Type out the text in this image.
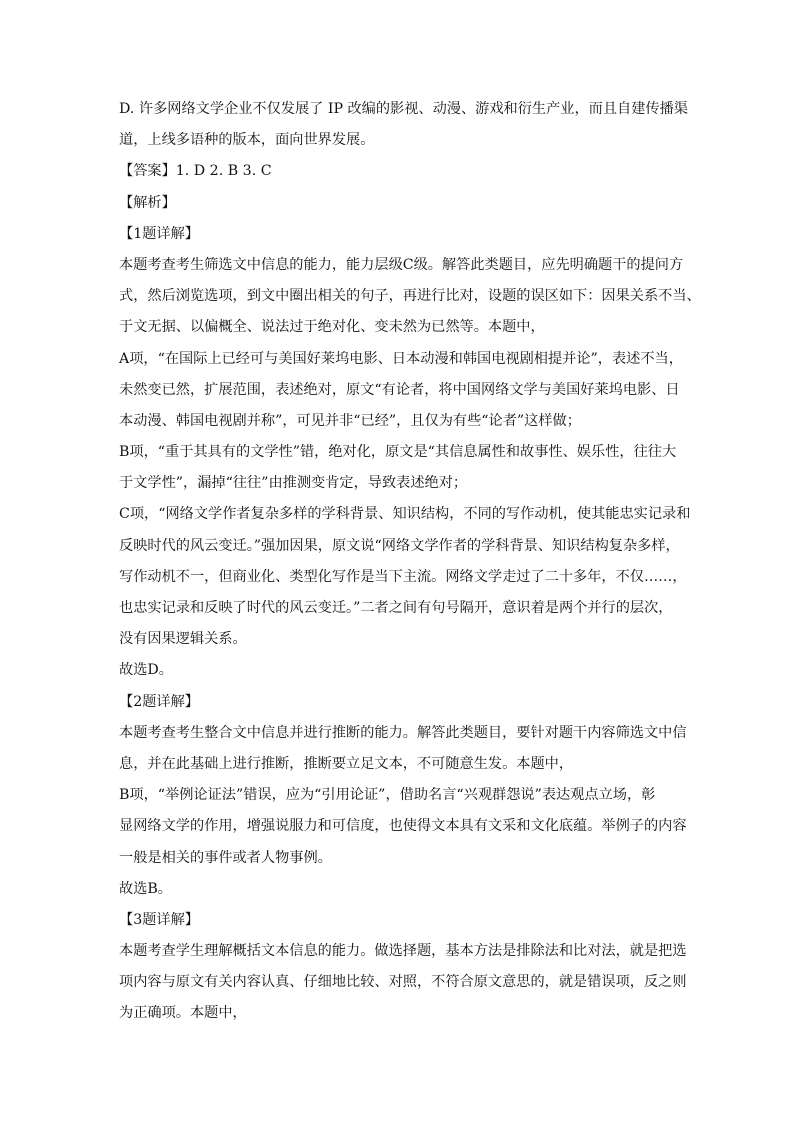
D. 许多网络文学企业不仅发展了 IP 改编的影视、动漫、游戏和衍生产业，而且自建传播渠
道，上线多语种的版本，面向世界发展。
【答案】1. D 2. B 3. C
【解析】
【1题详解】
本题考查考生筛选文中信息的能力，能力层级C级。解答此类题目，应先明确题干的提问方
式，然后浏览选项，到文中圈出相关的句子，再进行比对，设题的误区如下：因果关系不当、
于文无据、以偏概全、说法过于绝对化、变未然为已然等。本题中，
A项，“在国际上已经可与美国好莱坞电影、日本动漫和韩国电视剧相提并论”，表述不当，
未然变已然，扩展范围，表述绝对，原文“有论者，将中国网络文学与美国好莱坞电影、日
本动漫、韩国电视剧并称”，可见并非“已经”，且仅为有些“论者”这样做；
B项，“重于其具有的文学性”错，绝对化，原文是“其信息属性和故事性、娱乐性，往往大
于文学性”，漏掉“往往”由推测变肯定，导致表述绝对；
C项，“网络文学作者复杂多样的学科背景、知识结构，不同的写作动机，使其能忠实记录和
反映时代的风云变迁。”强加因果，原文说“网络文学作者的学科背景、知识结构复杂多样，
写作动机不一，但商业化、类型化写作是当下主流。网络文学走过了二十多年，不仅……，
也忠实记录和反映了时代的风云变迁。”二者之间有句号隔开，意识着是两个并行的层次，
没有因果逻辑关系。
故选D。
【2题详解】
本题考查考生整合文中信息并进行推断的能力。解答此类题目，要针对题干内容筛选文中信
息，并在此基础上进行推断，推断要立足文本，不可随意生发。本题中，
B项，“举例论证法”错误，应为“引用论证”，借助名言“兴观群怨说”表达观点立场，彰
显网络文学的作用，增强说服力和可信度，也使得文本具有文采和文化底蕴。举例子的内容
一般是相关的事件或者人物事例。
故选B。
【3题详解】
本题考查学生理解概括文本信息的能力。做选择题，基本方法是排除法和比对法，就是把选
项内容与原文有关内容认真、仔细地比较、对照，不符合原文意思的，就是错误项，反之则
为正确项。本题中，
